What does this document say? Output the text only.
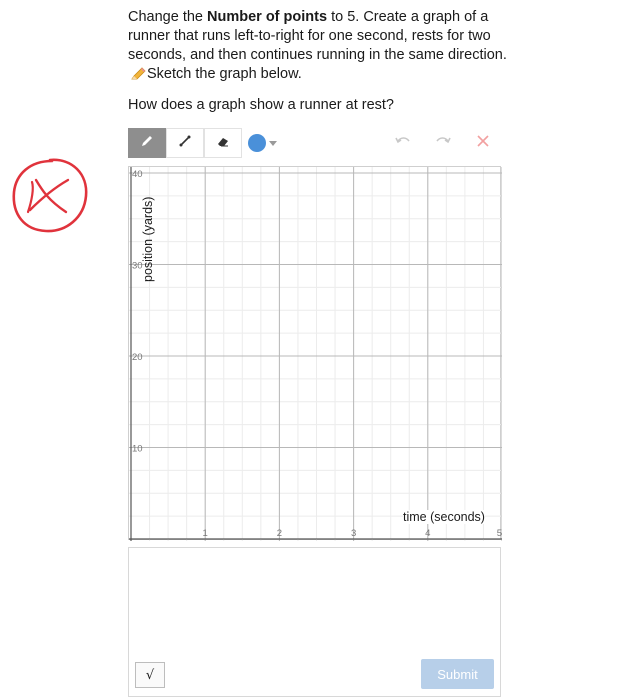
Change the Number of points to 5. Create a graph of a runner that runs left-to-right for one second, rests for two seconds, and then continues running in the same direction. Sketch the graph below.
How does a graph show a runner at rest?
10
20
30
40
1	2	3	4	5
position (yards)
time (seconds)
√	Submit
